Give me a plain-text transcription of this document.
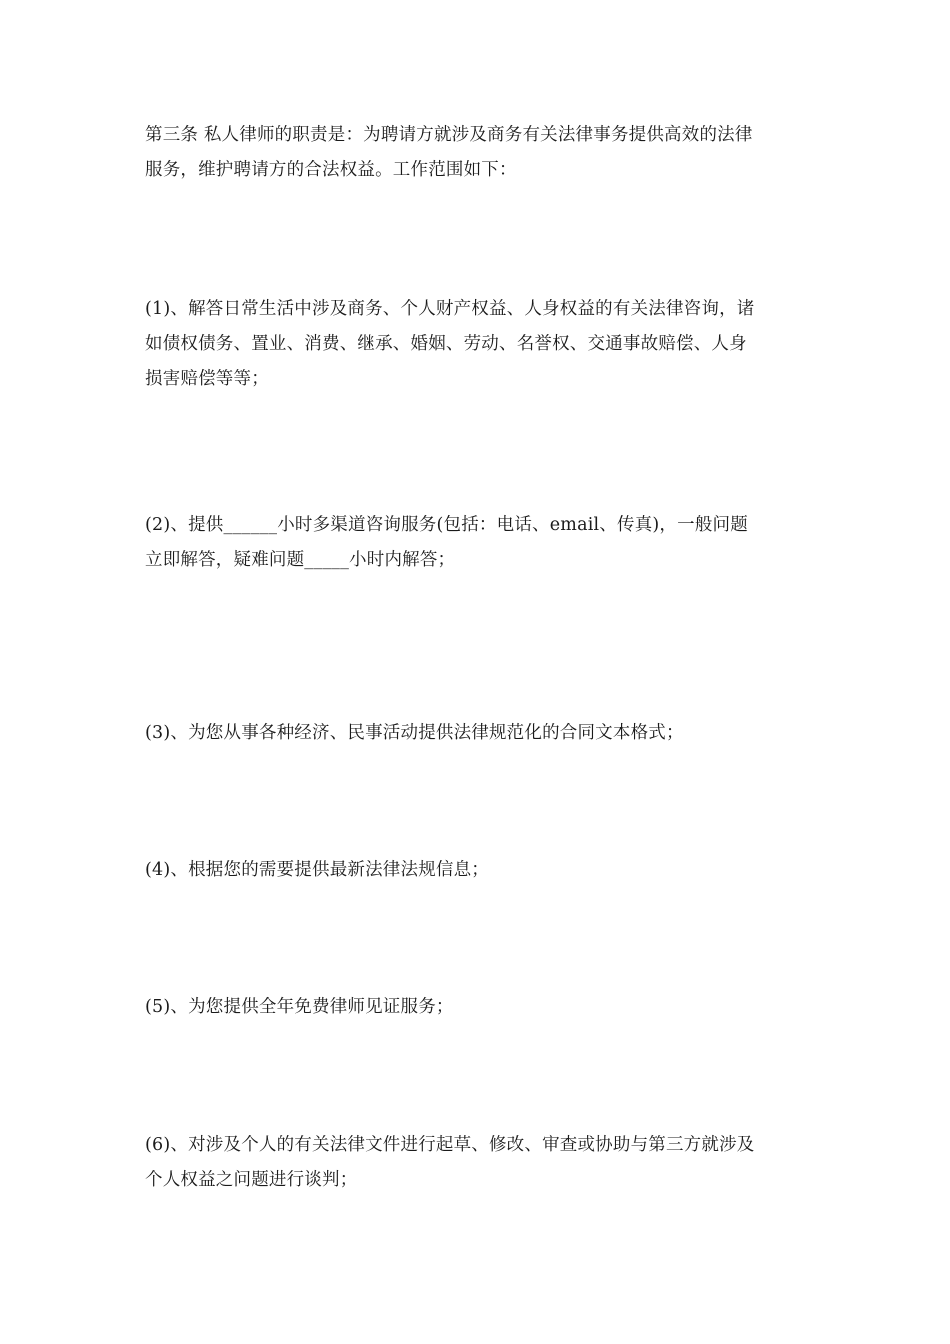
第三条 私人律师的职责是：为聘请方就涉及商务有关法律事务提供高效的法律
服务，维护聘请方的合法权益。工作范围如下：

(1)、解答日常生活中涉及商务、个人财产权益、人身权益的有关法律咨询，诸
如债权债务、置业、消费、继承、婚姻、劳动、名誉权、交通事故赔偿、人身
损害赔偿等等；

(2)、提供______小时多渠道咨询服务(包括：电话、email、传真)，一般问题
立即解答，疑难问题_____小时内解答；

(3)、为您从事各种经济、民事活动提供法律规范化的合同文本格式；

(4)、根据您的需要提供最新法律法规信息；

(5)、为您提供全年免费律师见证服务；

(6)、对涉及个人的有关法律文件进行起草、修改、审查或协助与第三方就涉及
个人权益之问题进行谈判；
